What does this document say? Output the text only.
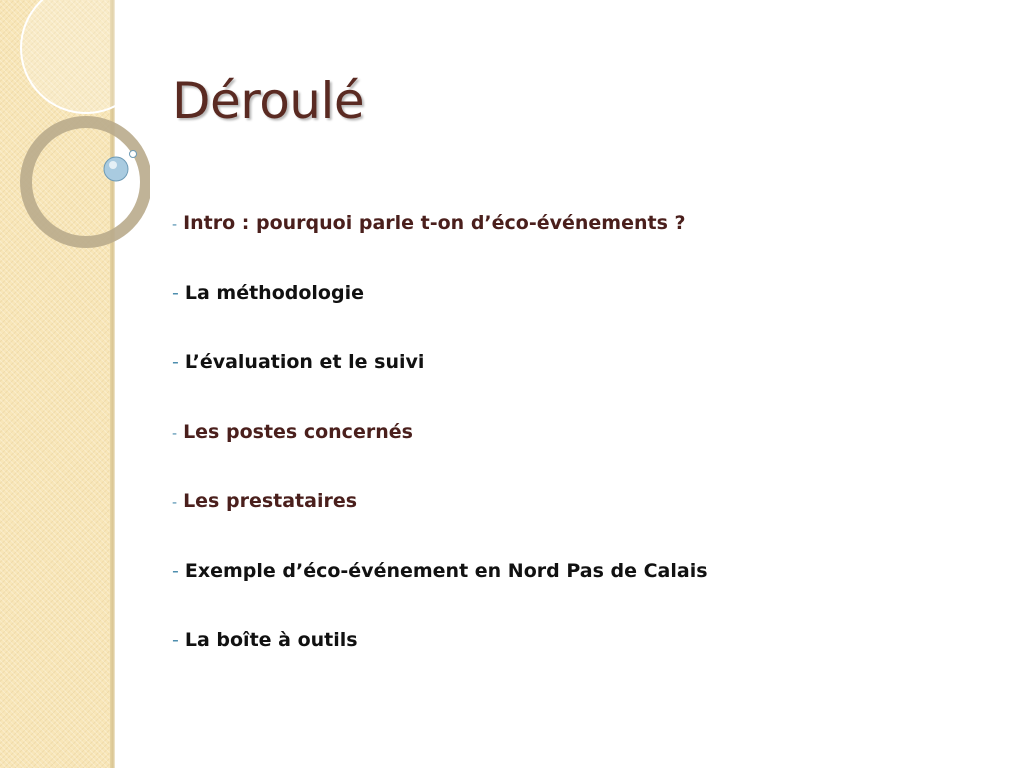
Déroulé
- Intro : pourquoi parle t-on d’éco-événements ?
- La méthodologie
- L’évaluation et le suivi
- Les postes concernés
- Les prestataires
- Exemple d’éco-événement en Nord Pas de Calais
- La boîte à outils
